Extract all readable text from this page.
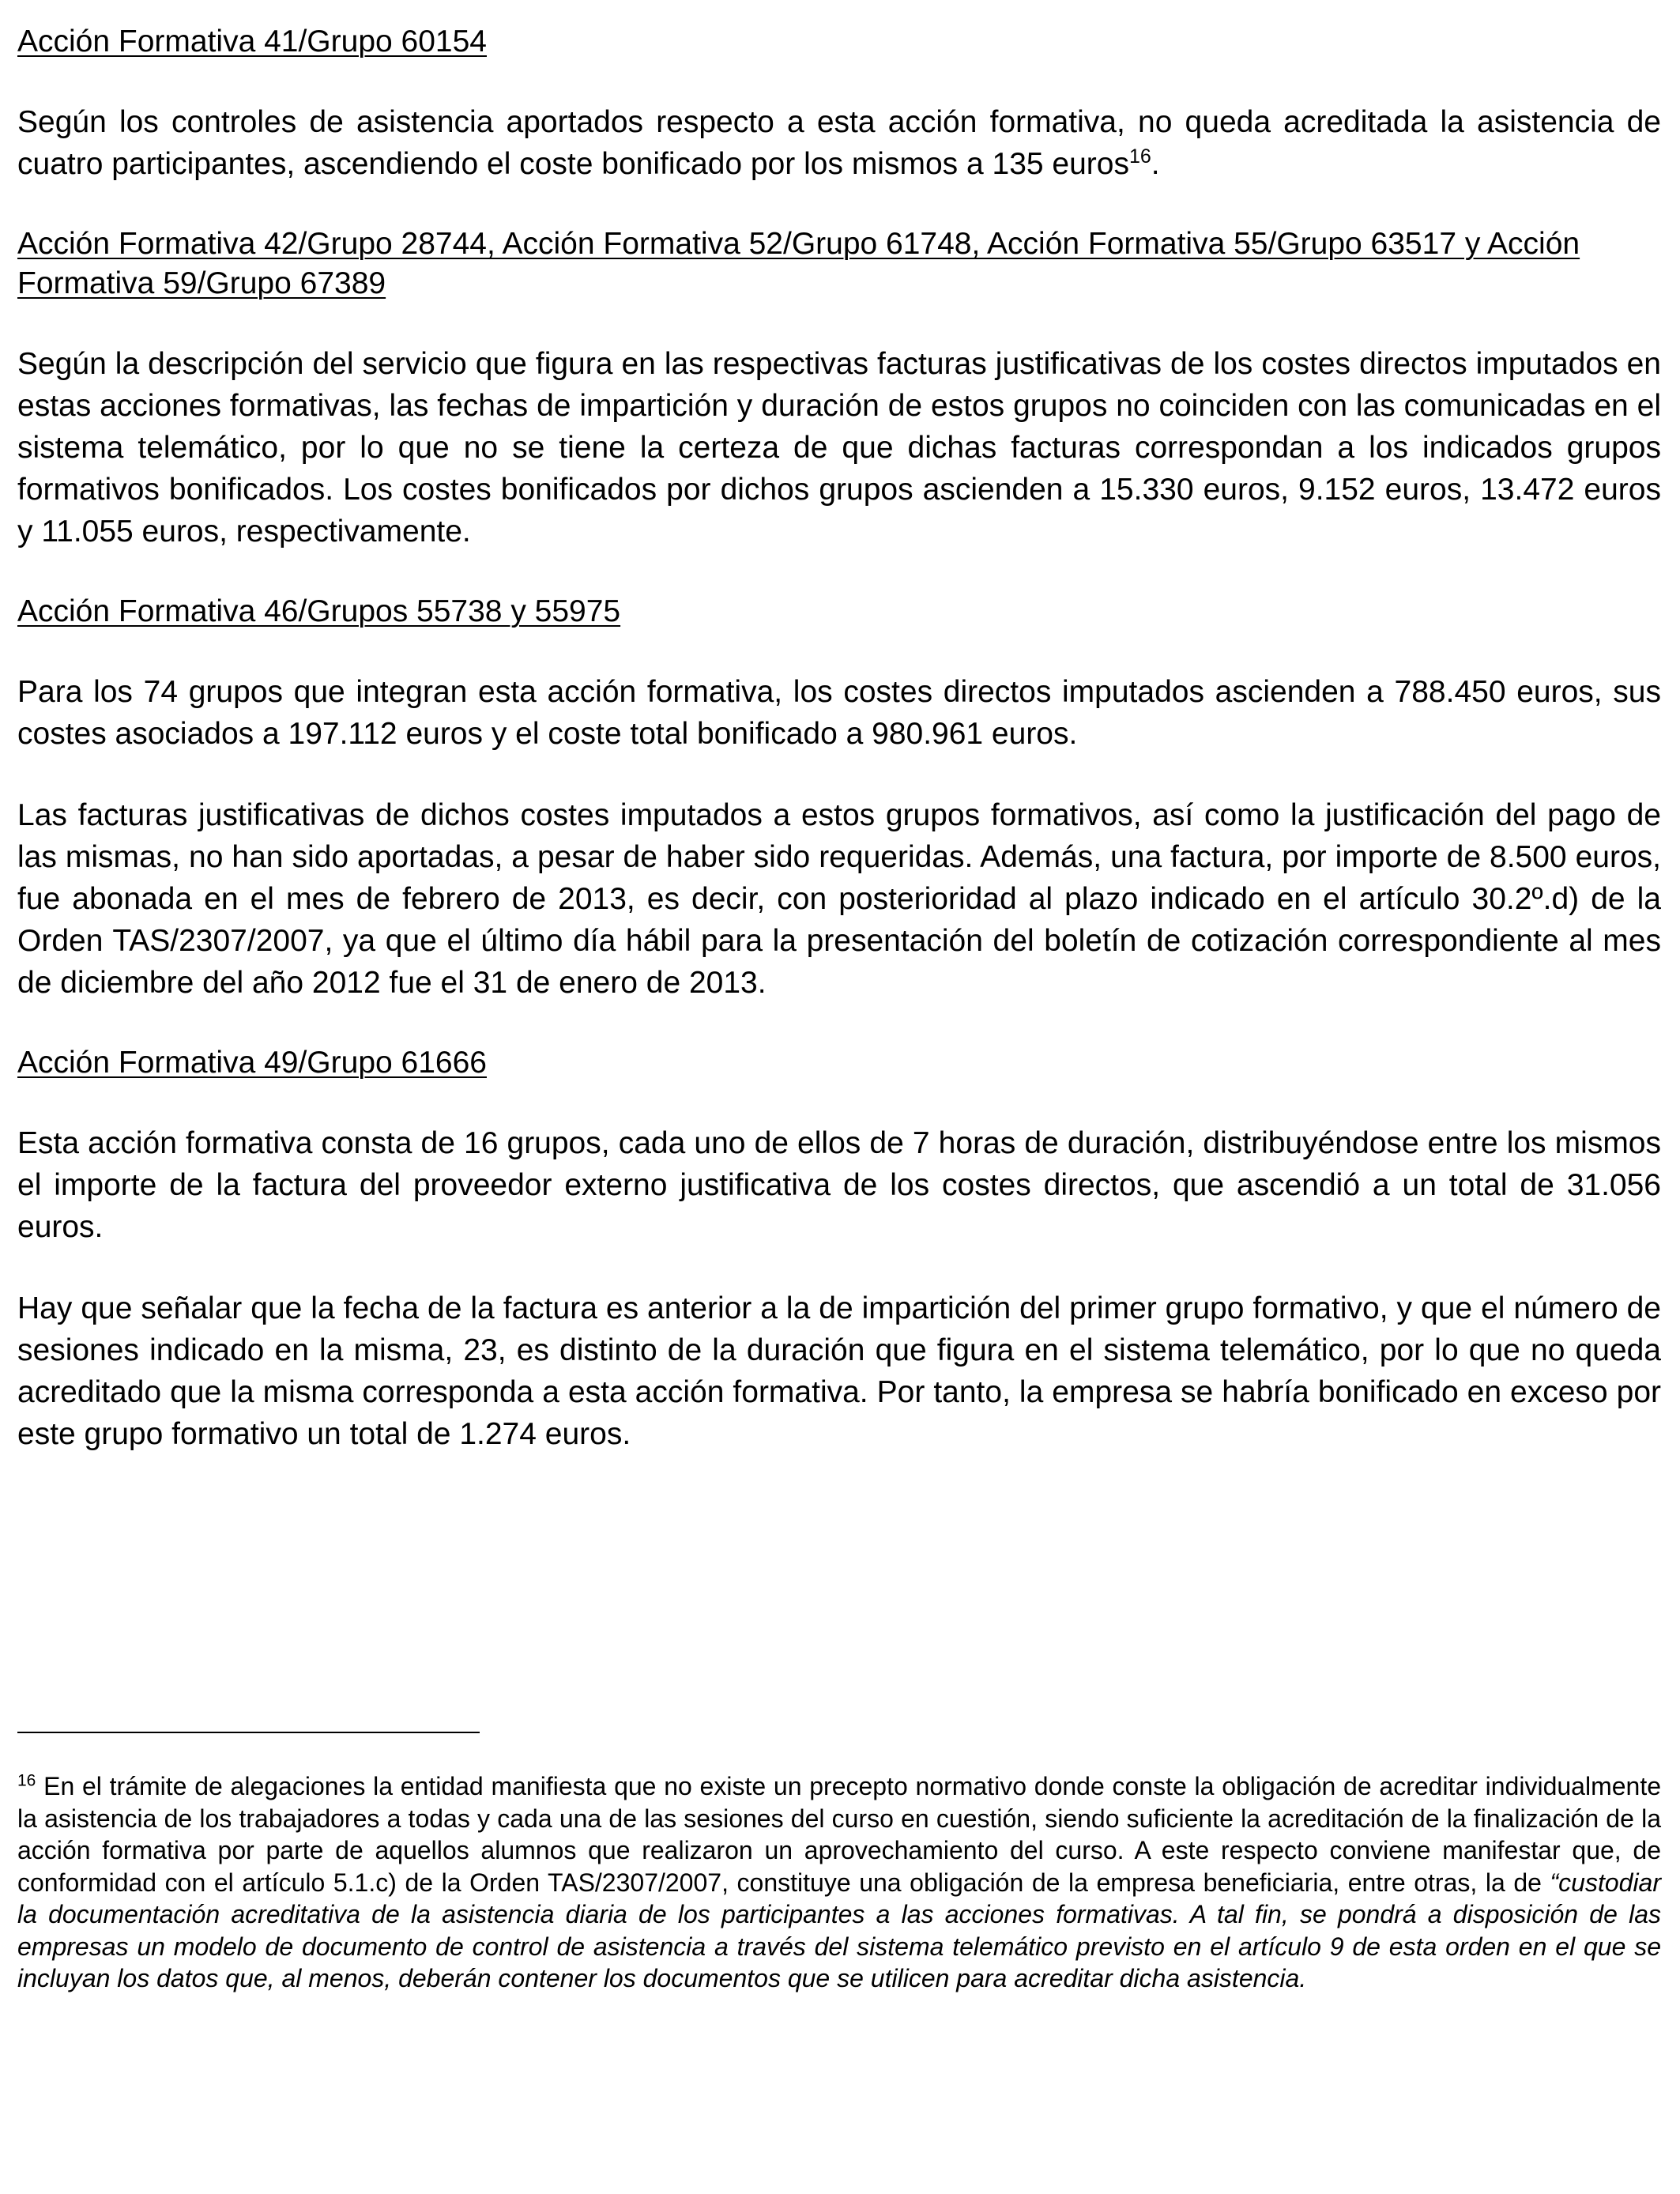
Acción Formativa 41/Grupo 60154

Según los controles de asistencia aportados respecto a esta acción formativa, no queda acreditada la asistencia de cuatro participantes, ascendiendo el coste bonificado por los mismos a 135 euros$^{16}$.

Acción Formativa 42/Grupo 28744, Acción Formativa 52/Grupo 61748, Acción Formativa 55/Grupo 63517 y Acción Formativa 59/Grupo 67389

Según la descripción del servicio que figura en las respectivas facturas justificativas de los costes directos imputados en estas acciones formativas, las fechas de impartición y duración de estos grupos no coinciden con las comunicadas en el sistema telemático, por lo que no se tiene la certeza de que dichas facturas correspondan a los indicados grupos formativos bonificados. Los costes bonificados por dichos grupos ascienden a 15.330 euros, 9.152 euros, 13.472 euros y 11.055 euros, respectivamente.

Acción Formativa 46/Grupos 55738 y 55975

Para los 74 grupos que integran esta acción formativa, los costes directos imputados ascienden a 788.450 euros, sus costes asociados a 197.112 euros y el coste total bonificado a 980.961 euros.

Las facturas justificativas de dichos costes imputados a estos grupos formativos, así como la justificación del pago de las mismas, no han sido aportadas, a pesar de haber sido requeridas. Además, una factura, por importe de 8.500 euros, fue abonada en el mes de febrero de 2013, es decir, con posterioridad al plazo indicado en el artículo 30.2º.d) de la Orden TAS/2307/2007, ya que el último día hábil para la presentación del boletín de cotización correspondiente al mes de diciembre del año 2012 fue el 31 de enero de 2013.

Acción Formativa 49/Grupo 61666

Esta acción formativa consta de 16 grupos, cada uno de ellos de 7 horas de duración, distribuyéndose entre los mismos el importe de la factura del proveedor externo justificativa de los costes directos, que ascendió a un total de 31.056 euros.

Hay que señalar que la fecha de la factura es anterior a la de impartición del primer grupo formativo, y que el número de sesiones indicado en la misma, 23, es distinto de la duración que figura en el sistema telemático, por lo que no queda acreditado que la misma corresponda a esta acción formativa. Por tanto, la empresa se habría bonificado en exceso por este grupo formativo un total de 1.274 euros.

$^{16}$ En el trámite de alegaciones la entidad manifiesta que no existe un precepto normativo donde conste la obligación de acreditar individualmente la asistencia de los trabajadores a todas y cada una de las sesiones del curso en cuestión, siendo suficiente la acreditación de la finalización de la acción formativa por parte de aquellos alumnos que realizaron un aprovechamiento del curso. A este respecto conviene manifestar que, de conformidad con el artículo 5.1.c) de la Orden TAS/2307/2007, constituye una obligación de la empresa beneficiaria, entre otras, la de “custodiar la documentación acreditativa de la asistencia diaria de los participantes a las acciones formativas. A tal fin, se pondrá a disposición de las empresas un modelo de documento de control de asistencia a través del sistema telemático previsto en el artículo 9 de esta orden en el que se incluyan los datos que, al menos, deberán contener los documentos que se utilicen para acreditar dicha asistencia.
